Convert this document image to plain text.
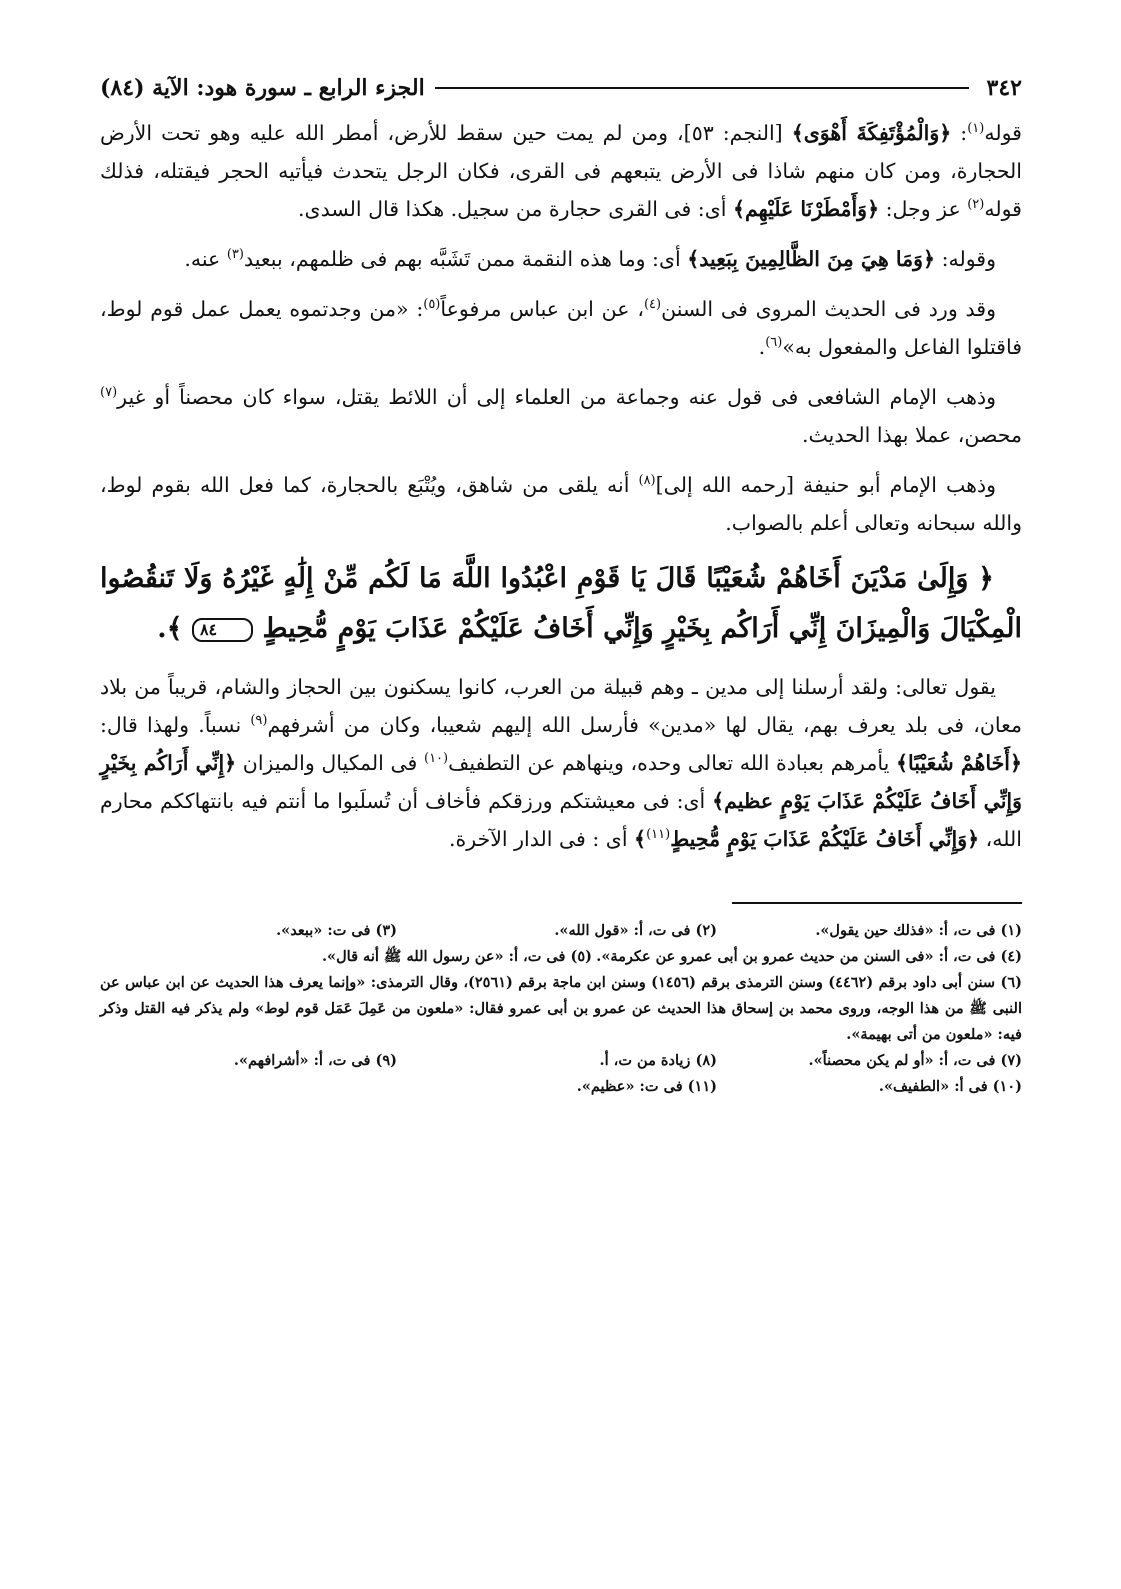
٣٤٢
الجزء الرابع ـ سورة هود: الآية (٨٤)

قوله$^{(١)}$: ﴿وَالْمُؤْتَفِكَةَ أَهْوَى﴾ [النجم: ٥٣]، ومن لم يمت حين سقط للأرض، أمطر الله عليه وهو تحت الأرض الحجارة، ومن كان منهم شاذا فى الأرض يتبعهم فى القرى، فكان الرجل يتحدث فيأتيه الحجر فيقتله، فذلك قوله$^{(٢)}$ عز وجل: ﴿وَأَمْطَرْنَا عَلَيْهِم﴾ أى: فى القرى حجارة من سجيل. هكذا قال السدى.

وقوله: ﴿وَمَا هِيَ مِنَ الظَّالِمِينَ بِبَعِيد﴾ أى: وما هذه النقمة ممن تَشَبَّه بهم فى ظلمهم، ببعيد$^{(٣)}$ عنه.

وقد ورد فى الحديث المروى فى السنن$^{(٤)}$، عن ابن عباس مرفوعاً$^{(٥)}$: «من وجدتموه يعمل عمل قوم لوط، فاقتلوا الفاعل والمفعول به»$^{(٦)}$.

وذهب الإمام الشافعى فى قول عنه وجماعة من العلماء إلى أن اللائط يقتل، سواء كان محصناً أو غير$^{(٧)}$ محصن، عملا بهذا الحديث.

وذهب الإمام أبو حنيفة [رحمه الله إلى]$^{(٨)}$ أنه يلقى من شاهق، ويُتْبَع بالحجارة، كما فعل الله بقوم لوط، والله سبحانه وتعالى أعلم بالصواب.

﴿ وَإِلَىٰ مَدْيَنَ أَخَاهُمْ شُعَيْبًا قَالَ يَا قَوْمِ اعْبُدُوا اللَّهَ مَا لَكُم مِّنْ إِلَٰهٍ غَيْرُهُ وَلَا تَنقُصُوا الْمِكْيَالَ وَالْمِيزَانَ إِنِّي أَرَاكُم بِخَيْرٍ وَإِنِّي أَخَافُ عَلَيْكُمْ عَذَابَ يَوْمٍ مُّحِيطٍ ٨٤ ﴾.

يقول تعالى: ولقد أرسلنا إلى مدين ـ وهم قبيلة من العرب، كانوا يسكنون بين الحجاز والشام، قريباً من بلاد معان، فى بلد يعرف بهم، يقال لها «مدين» فأرسل الله إليهم شعيبا، وكان من أشرفهم$^{(٩)}$ نسباً. ولهذا قال: ﴿أَخَاهُمْ شُعَيْبًا﴾ يأمرهم بعبادة الله تعالى وحده، وينهاهم عن التطفيف$^{(١٠)}$ فى المكيال والميزان ﴿إِنِّي أَرَاكُم بِخَيْرٍ وَإِنِّي أَخَافُ عَلَيْكُمْ عَذَابَ يَوْمٍ عظيم﴾ أى: فى معيشتكم ورزقكم فأخاف أن تُسلَبوا ما أنتم فيه بانتهاككم محارم الله، ﴿وَإِنِّي أَخَافُ عَلَيْكُمْ عَذَابَ يَوْمٍ مُّحِيطٍ$^{(١١)}$﴾ أى : فى الدار الآخرة.

(١) فى ت، أ: «فذلك حين يقول».
(٢) فى ت، أ: «قول الله».
(٣) فى ت: «ببعد».
(٤) فى ت، أ: «فى السنن من حديث عمرو بن أبى عمرو عن عكرمة».
(٥) فى ت، أ: «عن رسول الله ﷺ أنه قال».
(٦) سنن أبى داود برقم (٤٤٦٢) وسنن الترمذى برقم (١٤٥٦) وسنن ابن ماجة برقم (٢٥٦١)، وقال الترمذى: «وإنما يعرف هذا الحديث عن ابن عباس عن النبى ﷺ من هذا الوجه، وروى محمد بن إسحاق هذا الحديث عن عمرو بن أبى عمرو فقال: «ملعون من عَمِلَ عَمَل قوم لوط» ولم يذكر فيه القتل وذكر فيه: «ملعون من أتى بهيمة».
(٧) فى ت، أ: «أو لم يكن محصناً».
(٨) زيادة من ت، أ.
(٩) فى ت، أ: «أشرافهم».
(١٠) فى أ: «الطفيف».
(١١) فى ت: «عظيم».
